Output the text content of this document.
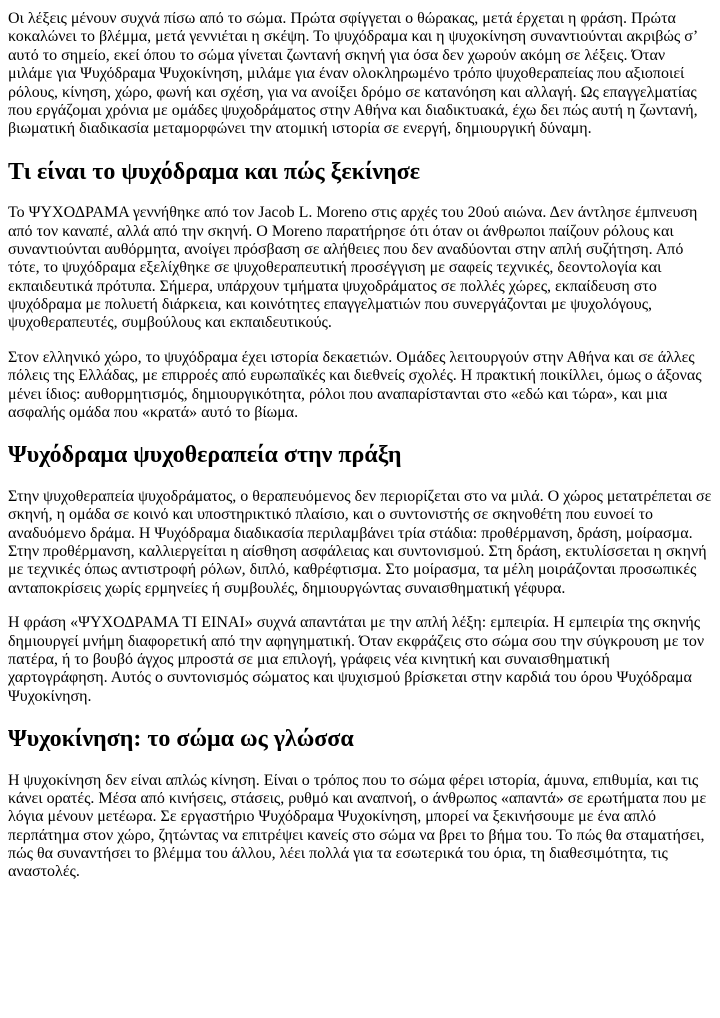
Οι λέξεις μένουν συχνά πίσω από το σώμα. Πρώτα σφίγγεται ο θώρακας, μετά έρχεται η φράση. Πρώτα κοκαλώνει το βλέμμα, μετά γεννιέται η σκέψη. Το ψυχόδραμα και η ψυχοκίνηση συναντιούνται ακριβώς σ’ αυτό το σημείο, εκεί όπου το σώμα γίνεται ζωντανή σκηνή για όσα δεν χωρούν ακόμη σε λέξεις. Όταν μιλάμε για Ψυχόδραμα Ψυχοκίνηση, μιλάμε για έναν ολοκληρωμένο τρόπο ψυχοθεραπείας που αξιοποιεί ρόλους, κίνηση, χώρο, φωνή και σχέση, για να ανοίξει δρόμο σε κατανόηση και αλλαγή. Ως επαγγελματίας που εργάζομαι χρόνια με ομάδες ψυχοδράματος στην Αθήνα και διαδικτυακά, έχω δει πώς αυτή η ζωντανή, βιωματική διαδικασία μεταμορφώνει την ατομική ιστορία σε ενεργή, δημιουργική δύναμη.

Τι είναι το ψυχόδραμα και πώς ξεκίνησε

Το ΨΥΧΟΔΡΑΜΑ γεννήθηκε από τον Jacob L. Moreno στις αρχές του 20ού αιώνα. Δεν άντλησε έμπνευση από τον καναπέ, αλλά από την σκηνή. Ο Moreno παρατήρησε ότι όταν οι άνθρωποι παίζουν ρόλους και συναντιούνται αυθόρμητα, ανοίγει πρόσβαση σε αλήθειες που δεν αναδύονται στην απλή συζήτηση. Από τότε, το ψυχόδραμα εξελίχθηκε σε ψυχοθεραπευτική προσέγγιση με σαφείς τεχνικές, δεοντολογία και εκπαιδευτικά πρότυπα. Σήμερα, υπάρχουν τμήματα ψυχοδράματος σε πολλές χώρες, εκπαίδευση στο ψυχόδραμα με πολυετή διάρκεια, και κοινότητες επαγγελματιών που συνεργάζονται με ψυχολόγους, ψυχοθεραπευτές, συμβούλους και εκπαιδευτικούς.

Στον ελληνικό χώρο, το ψυχόδραμα έχει ιστορία δεκαετιών. Ομάδες λειτουργούν στην Αθήνα και σε άλλες πόλεις της Ελλάδας, με επιρροές από ευρωπαϊκές και διεθνείς σχολές. Η πρακτική ποικίλλει, όμως ο άξονας μένει ίδιος: αυθορμητισμός, δημιουργικότητα, ρόλοι που αναπαρίστανται στο «εδώ και τώρα», και μια ασφαλής ομάδα που «κρατά» αυτό το βίωμα.

Ψυχόδραμα ψυχοθεραπεία στην πράξη

Στην ψυχοθεραπεία ψυχοδράματος, ο θεραπευόμενος δεν περιορίζεται στο να μιλά. Ο χώρος μετατρέπεται σε σκηνή, η ομάδα σε κοινό και υποστηρικτικό πλαίσιο, και ο συντονιστής σε σκηνοθέτη που ευνοεί το αναδυόμενο δράμα. Η Ψυχόδραμα διαδικασία περιλαμβάνει τρία στάδια: προθέρμανση, δράση, μοίρασμα. Στην προθέρμανση, καλλιεργείται η αίσθηση ασφάλειας και συντονισμού. Στη δράση, εκτυλίσσεται η σκηνή με τεχνικές όπως αντιστροφή ρόλων, διπλό, καθρέφτισμα. Στο μοίρασμα, τα μέλη μοιράζονται προσωπικές ανταποκρίσεις χωρίς ερμηνείες ή συμβουλές, δημιουργώντας συναισθηματική γέφυρα.

Η φράση «ΨΥΧΟΔΡΑΜΑ ΤΙ ΕΙΝΑΙ» συχνά απαντάται με την απλή λέξη: εμπειρία. Η εμπειρία της σκηνής δημιουργεί μνήμη διαφορετική από την αφηγηματική. Όταν εκφράζεις στο σώμα σου την σύγκρουση με τον πατέρα, ή το βουβό άγχος μπροστά σε μια επιλογή, γράφεις νέα κινητική και συναισθηματική χαρτογράφηση. Αυτός ο συντονισμός σώματος και ψυχισμού βρίσκεται στην καρδιά του όρου Ψυχόδραμα Ψυχοκίνηση.

Ψυχοκίνηση: το σώμα ως γλώσσα

Η ψυχοκίνηση δεν είναι απλώς κίνηση. Είναι ο τρόπος που το σώμα φέρει ιστορία, άμυνα, επιθυμία, και τις κάνει ορατές. Μέσα από κινήσεις, στάσεις, ρυθμό και αναπνοή, ο άνθρωπος «απαντά» σε ερωτήματα που με λόγια μένουν μετέωρα. Σε εργαστήριο Ψυχόδραμα Ψυχοκίνηση, μπορεί να ξεκινήσουμε με ένα απλό περπάτημα στον χώρο, ζητώντας να επιτρέψει κανείς στο σώμα να βρει το βήμα του. Το πώς θα σταματήσει, πώς θα συναντήσει το βλέμμα του άλλου, λέει πολλά για τα εσωτερικά του όρια, τη διαθεσιμότητα, τις αναστολές.
